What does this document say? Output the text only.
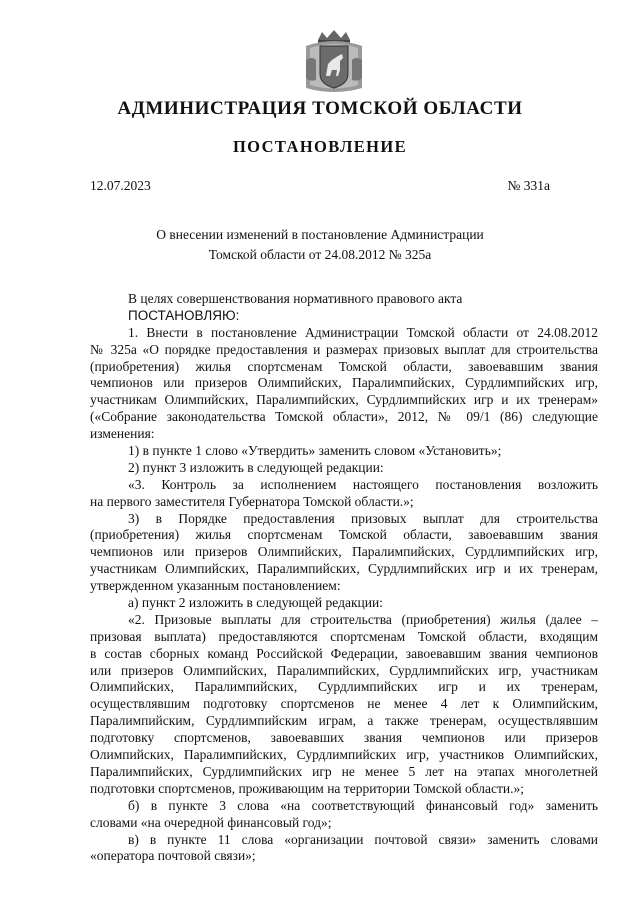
АДМИНИСТРАЦИЯ ТОМСКОЙ ОБЛАСТИ
ПОСТАНОВЛЕНИЕ
12.07.2023	№ 331а
О внесении изменений в постановление Администрации
Томской области от 24.08.2012 № 325а
В целях совершенствования нормативного правового акта
ПОСТАНОВЛЯЮ:
1. Внести в постановление Администрации Томской области от 24.08.2012
№ 325а «О порядке предоставления и размерах призовых выплат для строительства
(приобретения) жилья спортсменам Томской области, завоевавшим звания
чемпионов или призеров Олимпийских, Паралимпийских, Сурдлимпийских игр,
участникам Олимпийских, Паралимпийских, Сурдлимпийских игр и их тренерам»
(«Собрание законодательства Томской области», 2012, № 09/1 (86) следующие
изменения:
1) в пункте 1 слово «Утвердить» заменить словом «Установить»;
2) пункт 3 изложить в следующей редакции:
«3. Контроль за исполнением настоящего постановления возложить
на первого заместителя Губернатора Томской области.»;
3) в Порядке предоставления призовых выплат для строительства
(приобретения) жилья спортсменам Томской области, завоевавшим звания
чемпионов или призеров Олимпийских, Паралимпийских, Сурдлимпийских игр,
участникам Олимпийских, Паралимпийских, Сурдлимпийских игр и их тренерам,
утвержденном указанным постановлением:
а) пункт 2 изложить в следующей редакции:
«2. Призовые выплаты для строительства (приобретения) жилья (далее –
призовая выплата) предоставляются спортсменам Томской области, входящим
в состав сборных команд Российской Федерации, завоевавшим звания чемпионов
или призеров Олимпийских, Паралимпийских, Сурдлимпийских игр, участникам
Олимпийских, Паралимпийских, Сурдлимпийских игр и их тренерам,
осуществлявшим подготовку спортсменов не менее 4 лет к Олимпийским,
Паралимпийским, Сурдлимпийским играм, а также тренерам, осуществлявшим
подготовку спортсменов, завоевавших звания чемпионов или призеров
Олимпийских, Паралимпийских, Сурдлимпийских игр, участников Олимпийских,
Паралимпийских, Сурдлимпийских игр не менее 5 лет на этапах многолетней
подготовки спортсменов, проживающим на территории Томской области.»;
б) в пункте 3 слова «на соответствующий финансовый год» заменить
словами «на очередной финансовый год»;
в) в пункте 11 слова «организации почтовой связи» заменить словами
«оператора почтовой связи»;
